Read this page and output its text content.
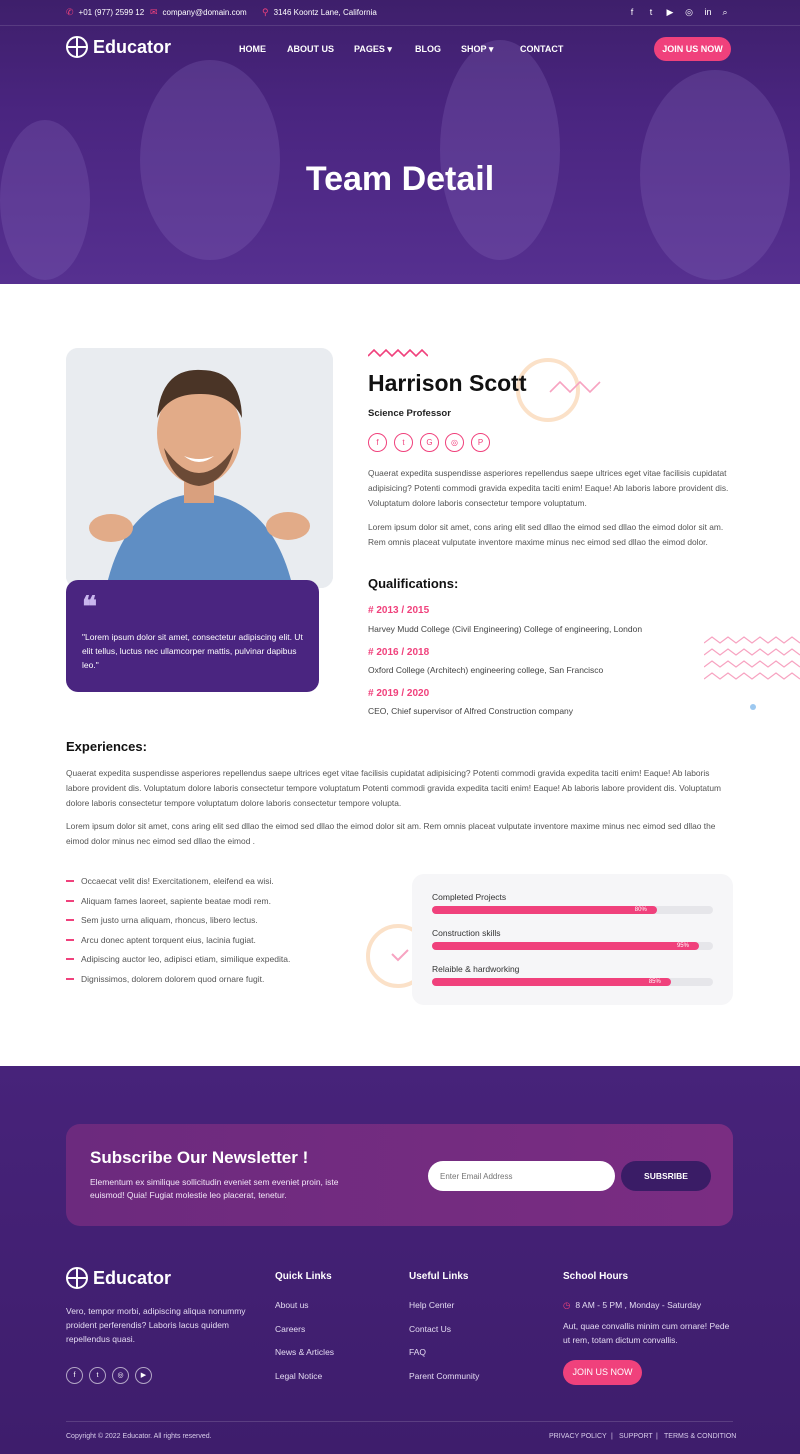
✆ +01 (977) 2599 12 ✉ company@domain.com ⚲ 3146 Koontz Lane, California	f	t	▶ ◎ in	⌕
Educator	HOME ABOUT US PAGES ▾	BLOG SHOP ▾	CONTACT	JOIN US NOW
Team Detail
❝
"Lorem ipsum dolor sit amet, consectetur adipiscing elit. Ut elit tellus, luctus nec ullamcorper mattis, pulvinar dapibus leo."
Harrison Scott
Science Professor
f	t	G	◎	P
Quaerat expedita suspendisse asperiores repellendus saepe ultrices eget vitae facilisis cupidatat adipisicing? Potenti commodi gravida expedita taciti enim! Eaque! Ab laboris labore provident dis. Voluptatum dolore laboris consectetur tempore voluptatum.
Lorem ipsum dolor sit amet, cons aring elit sed dllao the eimod sed dllao the eimod dolor sit am. Rem omnis placeat vulputate inventore maxime minus nec eimod sed dllao the eimod dolor.
Qualifications:
# 2013 / 2015
Harvey Mudd College (Civil Engineering) College of engineering, London
# 2016 / 2018
Oxford College (Architech) engineering college, San Francisco
# 2019 / 2020
CEO, Chief supervisor of Alfred Construction company
Experiences:
Quaerat expedita suspendisse asperiores repellendus saepe ultrices eget vitae facilisis cupidatat adipisicing? Potenti commodi gravida expedita taciti enim! Eaque! Ab laboris labore provident dis. Voluptatum dolore laboris consectetur tempore voluptatum Potenti commodi gravida expedita taciti enim! Eaque! Ab laboris labore provident dis. Voluptatum dolore laboris consectetur tempore voluptatum dolore laboris consectetur tempore volupta.
Lorem ipsum dolor sit amet, cons aring elit sed dllao the eimod sed dllao the eimod dolor sit am. Rem omnis placeat vulputate inventore maxime minus nec eimod sed dllao the eimod dolor minus nec eimod sed dllao the eimod .
Occaecat velit dis! Exercitationem, eleifend ea wisi.
Aliquam fames laoreet, sapiente beatae modi rem.
Sem justo urna aliquam, rhoncus, libero lectus.
Arcu donec aptent torquent eius, lacinia fugiat.
Adipiscing auctor leo, adipisci etiam, similique expedita.
Dignissimos, dolorem dolorem quod ornare fugit.
Completed Projects
80%
Construction skills
95%
Relaible & hardworking
85%
Subscribe Our Newsletter !
Elementum ex similique sollicitudin eveniet sem eveniet proin, iste euismod! Quia! Fugiat molestie leo placerat, tenetur.
Enter Email Address
SUBSRIBE
Educator
Vero, tempor morbi, adipiscing aliqua nonummy proident perferendis? Laboris lacus quidem repellendus quasi.
f	t	◎	▶
Quick Links
About us
Careers
News & Articles
Legal Notice
Useful Links
Help Center
Contact Us
FAQ
Parent Community
School Hours
◷ 8 AM - 5 PM , Monday - Saturday
Aut, quae convallis minim cum ornare! Pede ut rem, totam dictum convallis.
JOIN US NOW
Copyright © 2022 Educator. All rights reserved.	PRIVACY POLICY | SUPPORT | TERMS & CONDITION
